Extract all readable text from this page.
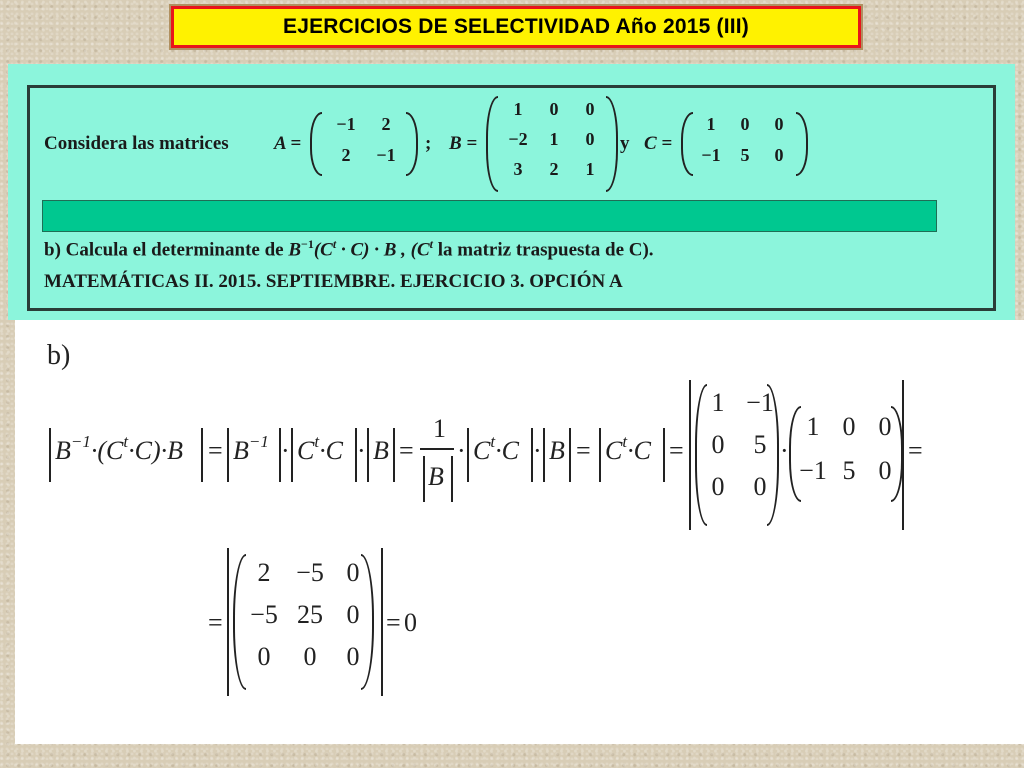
EJERCICIOS DE SELECTIVIDAD Año 2015 (III)
Considera las matrices A =
−1	2
2	−1
; B =
1	0	0
−2	1	0
3	2	1
y C =
1	0	0
−1	5	0
b) Calcula el determinante de $B^{-1}(C^t \cdot C) \cdot B$ , ($C^t$ la matriz traspuesta de C).
MATEMÁTICAS II. 2015. SEPTIEMBRE. EJERCICIO 3. OPCIÓN A
b)
$B^{-1}\cdot(C^t\cdot C)\cdot B = B^{-1} \cdot C^t\cdot C \cdot B$ =
1
B
· $C^t\cdot C \cdot B = C^t\cdot C$ =
1 −1
0	5
0	0
·
1 0 0
−1 5 0
=
=
2 −5 0
−5 25 0
0	0	0
= 0
